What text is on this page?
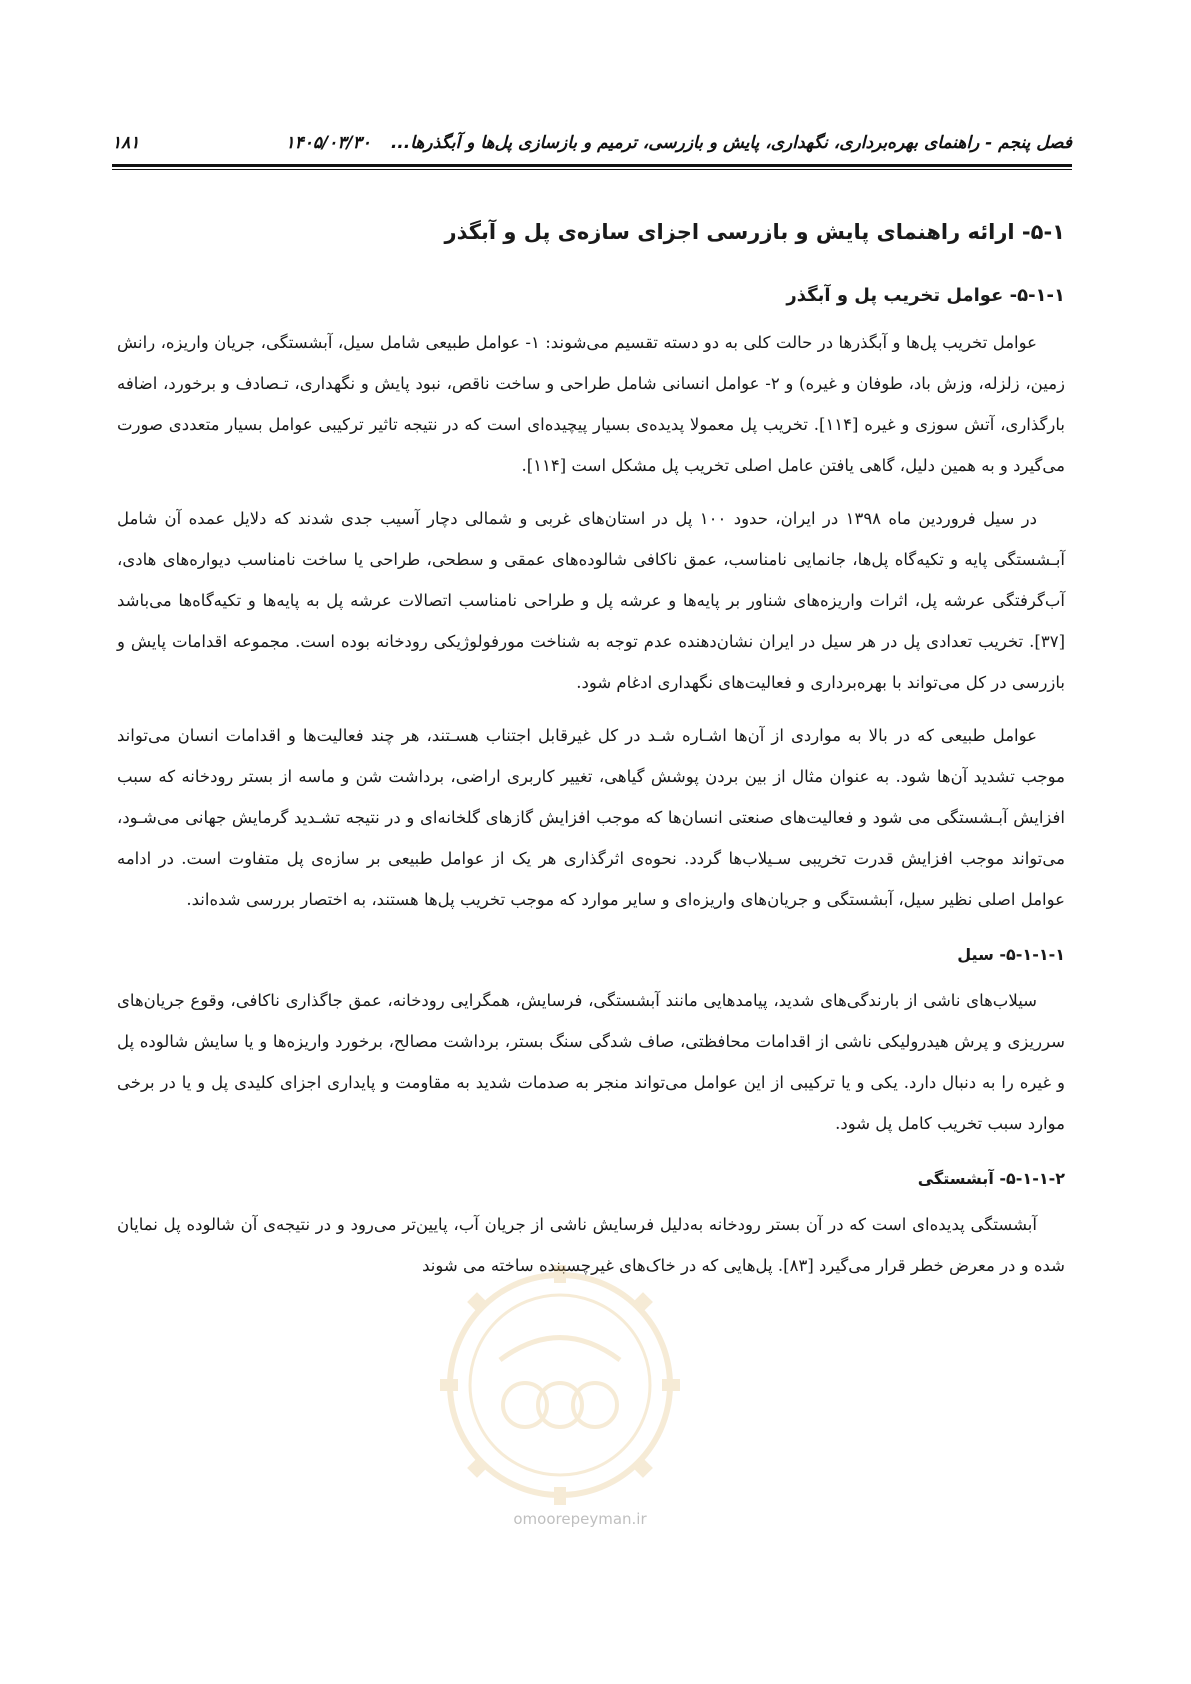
فصل پنجم - راهنمای بهره‌برداری، نگهداری، پایش و بازرسی، ترمیم و بازسازی پل‌ها و آبگذرها... ۱۴۰۵/۰۳/۳۰
۱۸۱
۵-۱- ارائه راهنمای پایش و بازرسی اجزای سازه‌ی پل و آبگذر
۵-۱-۱- عوامل تخریب پل و آبگذر

عوامل تخریب پل‌ها و آبگذرها در حالت کلی به دو دسته تقسیم می‌شوند: ۱- عوامل طبیعی شامل سیل، آبشستگی، جریان واریزه، رانش زمین، زلزله، وزش باد، طوفان و غیره) و ۲- عوامل انسانی شامل طراحی و ساخت ناقص، نبود پایش و نگهداری، تـصادف و برخورد، اضافه بارگذاری، آتش سوزی و غیره [۱۱۴]. تخریب پل معمولا پدیده‌ی بسیار پیچیده‌ای است که در نتیجه تاثیر ترکیبی عوامل بسیار متعددی صورت می‌گیرد و به همین دلیل، گاهی یافتن عامل اصلی تخریب پل مشکل است [۱۱۴].

در سیل فروردین ماه ۱۳۹۸ در ایران، حدود ۱۰۰ پل در استان‌های غربی و شمالی دچار آسیب جدی شدند که دلایل عمده آن شامل آبـشستگی پایه و تکیه‌گاه پل‌ها، جانمایی نامناسب، عمق ناکافی شالوده‌های عمقی و سطحی، طراحی یا ساخت نامناسب دیواره‌های هادی، آب‌گرفتگی عرشه پل، اثرات واریزه‌های شناور بر پایه‌ها و عرشه پل و طراحی نامناسب اتصالات عرشه پل به پایه‌ها و تکیه‌گاه‌ها می‌باشد [۳۷]. تخریب تعدادی پل در هر سیل در ایران نشان‌دهنده عدم توجه به شناخت مورفولوژیکی رودخانه بوده است. مجموعه اقدامات پایش و بازرسی در کل می‌تواند با بهره‌برداری و فعالیت‌های نگهداری ادغام شود.

عوامل طبیعی که در بالا به مواردی از آن‌ها اشـاره شـد در کل غیرقابل اجتناب هسـتند، هر چند فعالیت‌ها و اقدامات انسان می‌تواند موجب تشدید آن‌ها شود. به عنوان مثال از بین بردن پوشش گیاهی، تغییر کاربری اراضی، برداشت شن و ماسه از بستر رودخانه که سبب افزایش آبـشستگی می شود و فعالیت‌های صنعتی انسان‌ها که موجب افزایش گازهای گلخانه‌ای و در نتیجه تشـدید گرمایش جهانی می‌شـود، می‌تواند موجب افزایش قدرت تخریبی سـیلاب‌ها گردد. نحوه‌ی اثرگذاری هر یک از عوامل طبیعی بر سازه‌ی پل متفاوت است. در ادامه عوامل اصلی نظیر سیل، آبشستگی و جریان‌های واریزه‌ای و سایر موارد که موجب تخریب پل‌ها هستند، به اختصار بررسی شده‌اند.

۵-۱-۱-۱- سیل

سیلاب‌های ناشی از بارندگی‌های شدید، پیامدهایی مانند آبشستگی، فرسایش، همگرایی رودخانه، عمق جاگذاری ناکافی، وقوع جریان‌های سرریزی و پرش هیدرولیکی ناشی از اقدامات محافظتی، صاف شدگی سنگ بستر، برداشت مصالح، برخورد واریزه‌ها و یا سایش شالوده پل و غیره را به دنبال دارد. یکی و یا ترکیبی از این عوامل می‌تواند منجر به صدمات شدید به مقاومت و پایداری اجزای کلیدی پل و یا در برخی موارد سبب تخریب کامل پل شود.

۵-۱-۱-۲- آبشستگی

آبشستگی پدیده‌ای است که در آن بستر رودخانه به‌دلیل فرسایش ناشی از جریان آب، پایین‌تر می‌رود و در نتیجه‌ی آن شالوده پل نمایان شده و در معرض خطر قرار می‌گیرد [۸۳]. پل‌هایی که در خاک‌های غیرچسبنده ساخته می شوند

omoorepeyman.ir
